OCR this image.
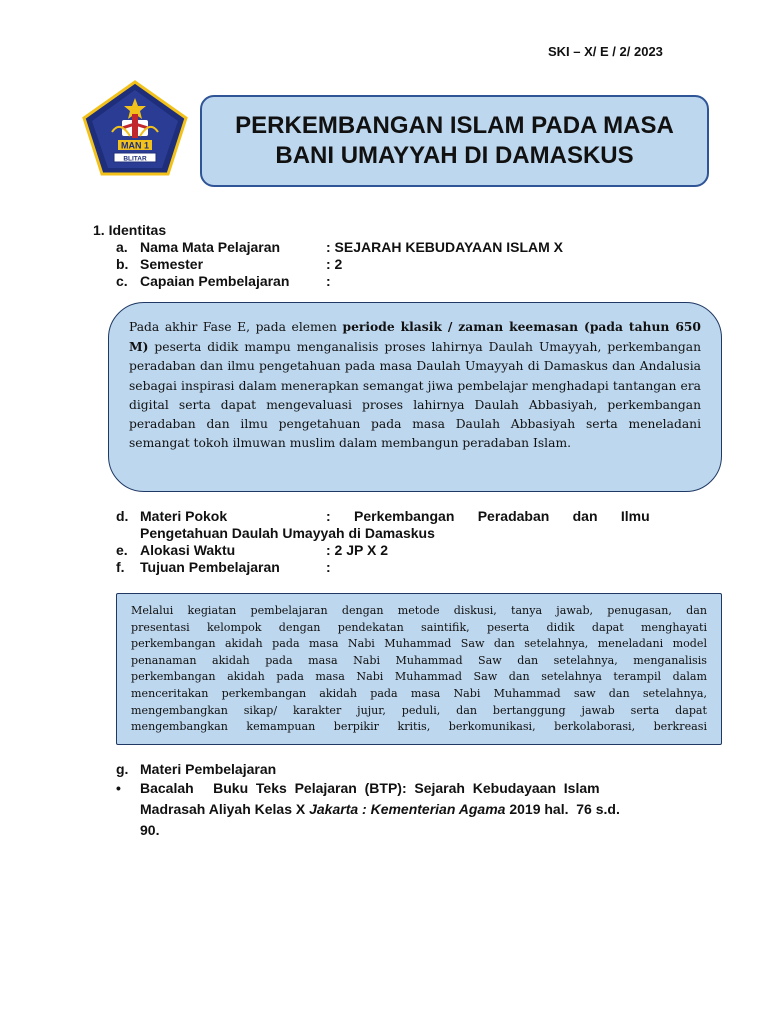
SKI – X/ E / 2/ 2023
MAN 1
BLITAR
PERKEMBANGAN ISLAM PADA MASA
BANI UMAYYAH DI DAMASKUS
1. Identitas
a. Nama Mata Pelajaran	: SEJARAH KEBUDAYAAN ISLAM X
b. Semester	: 2
c. Capaian Pembelajaran	:

Pada akhir Fase E, pada elemen periode klasik / zaman keemasan (pada tahun 650 M) peserta didik mampu menganalisis proses lahirnya Daulah Umayyah, perkembangan peradaban dan ilmu pengetahuan pada masa Daulah Umayyah di Damaskus dan Andalusia sebagai inspirasi dalam menerapkan semangat jiwa pembelajar menghadapi tantangan era digital serta dapat mengevaluasi proses lahirnya Daulah Abbasiyah, perkembangan peradaban dan ilmu pengetahuan pada masa Daulah Abbasiyah serta meneladani semangat tokoh ilmuwan muslim dalam membangun peradaban Islam.

d. Materi Pokok	:      Perkembangan      Peradaban      dan      Ilmu
Pengetahuan Daulah Umayyah di Damaskus
e. Alokasi Waktu	: 2 JP X 2
f. Tujuan Pembelajaran	:
Melalui kegiatan pembelajaran dengan metode diskusi, tanya jawab, penugasan, dan
presentasi kelompok dengan pendekatan saintifik, peserta didik dapat menghayati
perkembangan akidah pada masa Nabi Muhammad Saw dan setelahnya, meneladani model
penanaman akidah pada masa Nabi Muhammad Saw dan setelahnya, menganalisis
perkembangan akidah pada masa Nabi Muhammad Saw dan setelahnya terampil dalam
menceritakan perkembangan akidah pada masa Nabi Muhammad saw dan setelahnya,
mengembangkan sikap/ karakter jujur, peduli, dan bertanggung jawab serta dapat
mengembangkan kemampuan berpikir kritis, berkomunikasi, berkolaborasi, berkreasi
g. Materi Pembelajaran
• Bacalah     Buku  Teks  Pelajaran  (BTP):  Sejarah  Kebudayaan  Islam
Madrasah Aliyah Kelas X Jakarta : Kementerian Agama 2019 hal.  76 s.d.
90.
